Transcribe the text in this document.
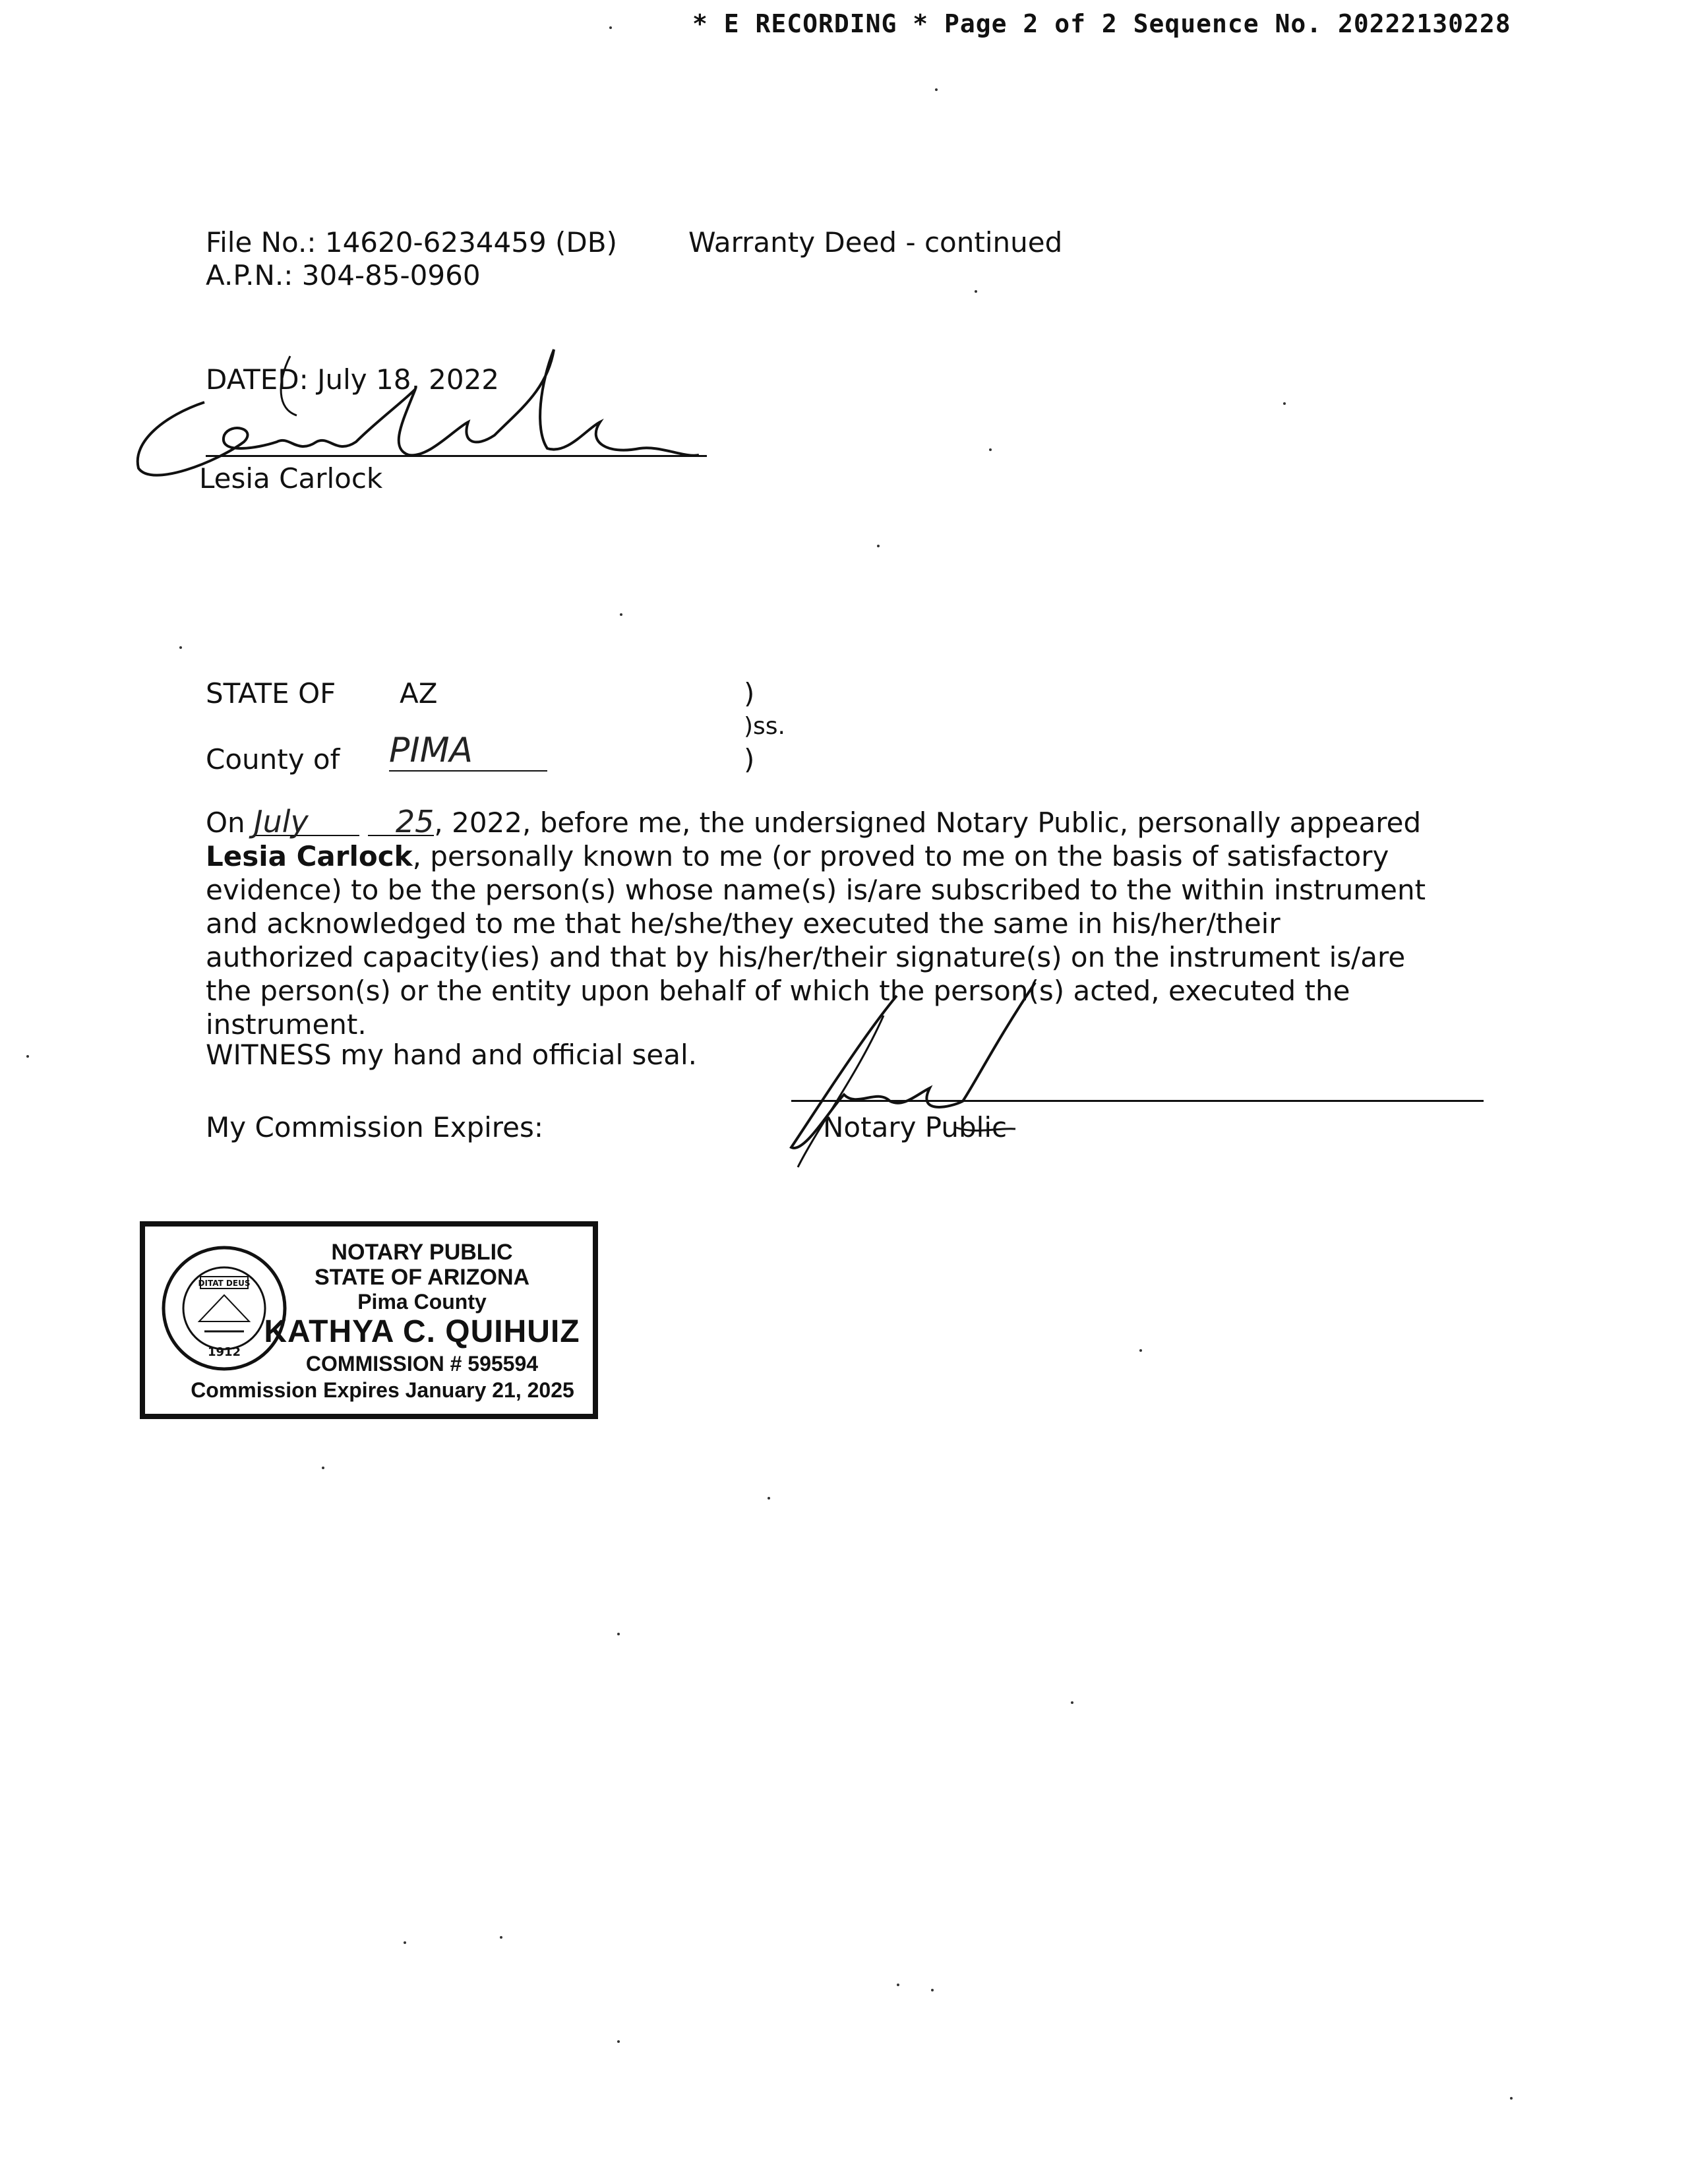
* E RECORDING * Page 2 of 2 Sequence No. 20222130228
File No.: 14620-6234459 (DB)
A.P.N.: 304-85-0960
Warranty Deed - continued
DATED: July 18, 2022
Lesia Carlock
STATE OF AZ
County of PIMA
)
)ss.
)
On July	25, 2022, before me, the undersigned Notary Public, personally appeared Lesia Carlock, personally known to me (or proved to me on the basis of satisfactory evidence) to be the person(s) whose name(s) is/are subscribed to the within instrument and acknowledged to me that he/she/they executed the same in his/her/their authorized capacity(ies) and that by his/her/their signature(s) on the instrument is/are the person(s) or the entity upon behalf of which the person(s) acted, executed the instrument.
WITNESS my hand and official seal.
My Commission Expires:	Notary Public
DITAT DEUS
1912
NOTARY PUBLIC
STATE OF ARIZONA
Pima County
KATHYA C. QUIHUIZ
COMMISSION # 595594
Commission Expires January 21, 2025
